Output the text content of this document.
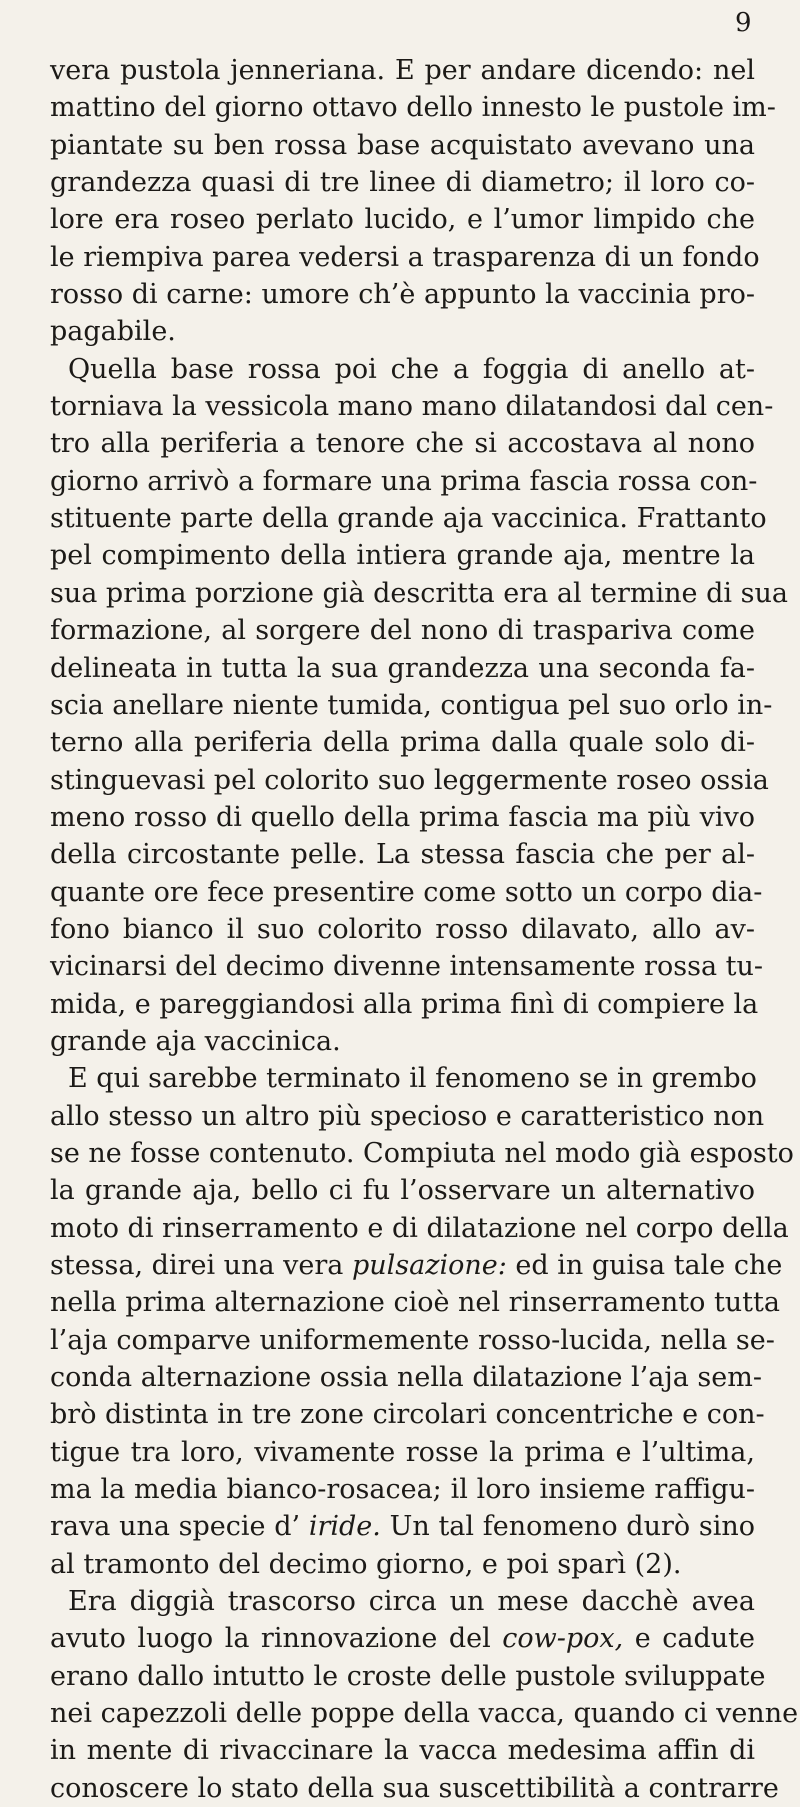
9
vera pustola jenneriana. E per andare dicendo: nel
mattino del giorno ottavo dello innesto le pustole im-
piantate su ben rossa base acquistato avevano una
grandezza quasi di tre linee di diametro; il loro co-
lore era roseo perlato lucido, e l’umor limpido che
le riempiva parea vedersi a trasparenza di un fondo
rosso di carne: umore ch’è appunto la vaccinia pro-
pagabile.
Quella base rossa poi che a foggia di anello at-
torniava la vessicola mano mano dilatandosi dal cen-
tro alla periferia a tenore che si accostava al nono
giorno arrivò a formare una prima fascia rossa con-
stituente parte della grande aja vaccinica. Frattanto
pel compimento della intiera grande aja, mentre la
sua prima porzione già descritta era al termine di sua
formazione, al sorgere del nono di traspariva come
delineata in tutta la sua grandezza una seconda fa-
scia anellare niente tumida, contigua pel suo orlo in-
terno alla periferia della prima dalla quale solo di-
stinguevasi pel colorito suo leggermente roseo ossia
meno rosso di quello della prima fascia ma più vivo
della circostante pelle. La stessa fascia che per al-
quante ore fece presentire come sotto un corpo dia-
fono bianco il suo colorito rosso dilavato, allo av-
vicinarsi del decimo divenne intensamente rossa tu-
mida, e pareggiandosi alla prima finì di compiere la
grande aja vaccinica.
E qui sarebbe terminato il fenomeno se in grembo
allo stesso un altro più specioso e caratteristico non
se ne fosse contenuto. Compiuta nel modo già esposto
la grande aja, bello ci fu l’osservare un alternativo
moto di rinserramento e di dilatazione nel corpo della
stessa, direi una vera pulsazione: ed in guisa tale che
nella prima alternazione cioè nel rinserramento tutta
l’aja comparve uniformemente rosso-lucida, nella se-
conda alternazione ossia nella dilatazione l’aja sem-
brò distinta in tre zone circolari concentriche e con-
tigue tra loro, vivamente rosse la prima e l’ultima,
ma la media bianco-rosacea; il loro insieme raffigu-
rava una specie d’ iride. Un tal fenomeno durò sino
al tramonto del decimo giorno, e poi sparì (2).
Era diggià trascorso circa un mese dacchè avea
avuto luogo la rinnovazione del cow-pox, e cadute
erano dallo intutto le croste delle pustole sviluppate
nei capezzoli delle poppe della vacca, quando ci venne
in mente di rivaccinare la vacca medesima affin di
conoscere lo stato della sua suscettibilità a contrarre
